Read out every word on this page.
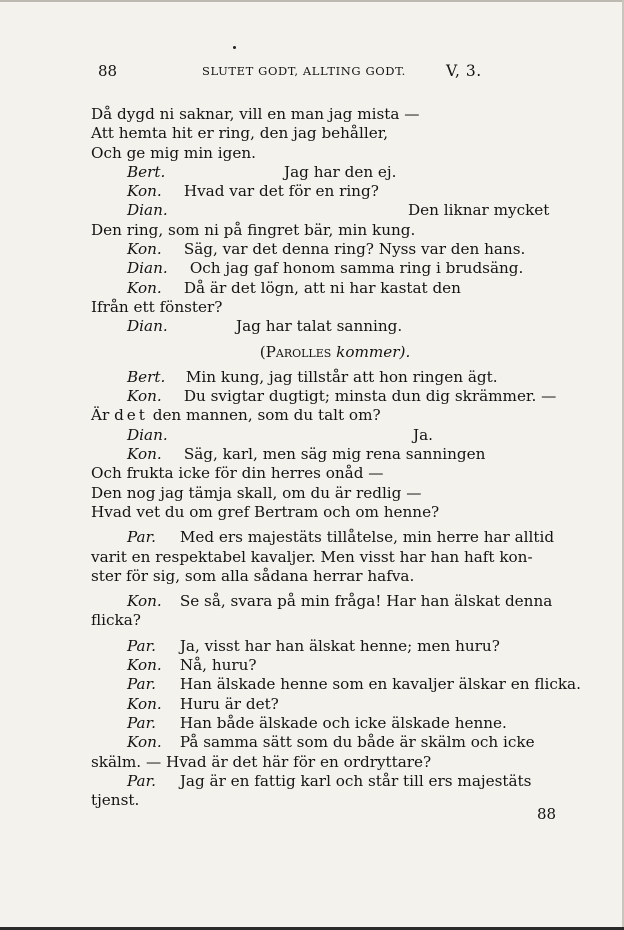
88	SLUTET GODT, ALLTING GODT.	V, 3.
Då dygd ni saknar, vill en man jag mista —
Att hemta hit er ring, den jag behåller,
Och ge mig min igen.
Bert.	Jag har den ej.
Kon. Hvad var det för en ring?
Dian.	Den liknar mycket
Den ring, som ni på fingret bär, min kung.
Kon. Säg, var det denna ring? Nyss var den hans.
Dian. Och jag gaf honom samma ring i brudsäng.
Kon. Då är det lögn, att ni har kastat den
Ifrån ett fönster?
Dian.	Jag har talat sanning.
(Parolles kommer).
Bert. Min kung, jag tillstår att hon ringen ägt.
Kon. Du svigtar dugtigt; minsta dun dig skrämmer. —
Är det den mannen, som du talt om?
Dian.	Ja.
Kon. Säg, karl, men säg mig rena sanningen
Och frukta icke för din herres onåd —
Den nog jag tämja skall, om du är redlig —
Hvad vet du om gref Bertram och om henne?
Par. Med ers majestäts tillåtelse, min herre har alltid
varit en respektabel kavaljer. Men visst har han haft kon-
ster för sig, som alla sådana herrar hafva.
Kon. Se så, svara på min fråga! Har han älskat denna
flicka?
Par. Ja, visst har han älskat henne; men huru?
Kon. Nå, huru?
Par. Han älskade henne som en kavaljer älskar en flicka.
Kon. Huru är det?
Par. Han både älskade och icke älskade henne.
Kon. På samma sätt som du både är skälm och icke
skälm. — Hvad är det här för en ordryttare?
Par. Jag är en fattig karl och står till ers majestäts
tjenst.
88
